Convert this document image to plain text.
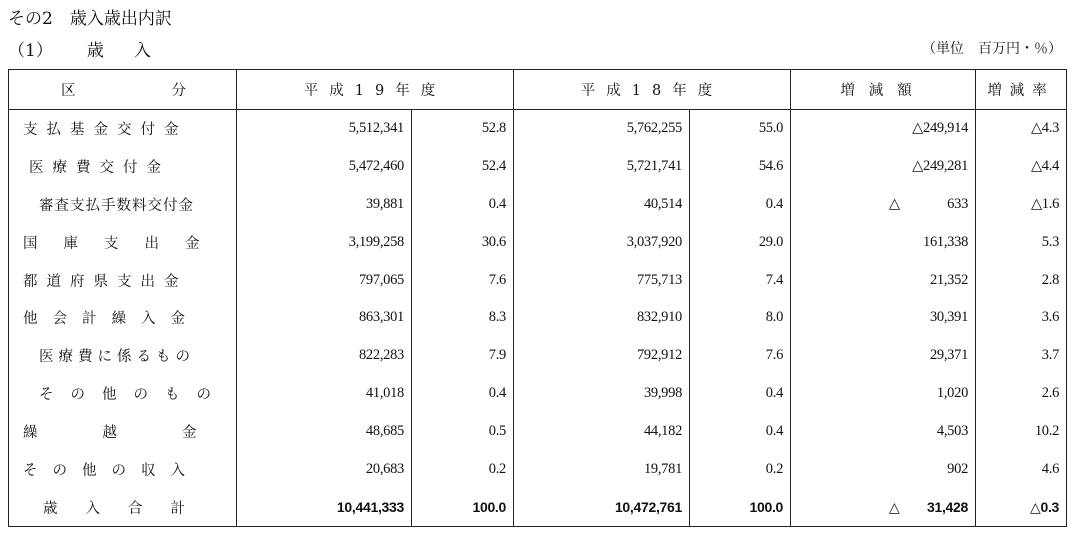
その2　歳入歳出内訳
（1） 歳入	（単位　百万円・％）
区 分	平成19年度		平成18年度		増減額	増減率
支払基金交付金	5,512,341	52.8	5,762,255	55.0	△249,914	△4.3
医療費交付金	5,472,460	52.4	5,721,741	54.6	△249,281	△4.4
審査支払手数料交付金	39,881	0.4	40,514	0.4	△ 633	△1.6
国庫支出金	3,199,258	30.6	3,037,920	29.0	161,338	5.3
都道府県支出金	797,065	7.6	775,713	7.4	21,352	2.8
他会計繰入金	863,301	8.3	832,910	8.0	30,391	3.6
医療費に係るもの	822,283	7.9	792,912	7.6	29,371	3.7
その他のもの	41,018	0.4	39,998	0.4	1,020	2.6
繰越金	48,685	0.5	44,182	0.4	4,503	10.2
その他の収入	20,683	0.2	19,781	0.2	902	4.6
歳入合計	10,441,333	100.0	10,472,761	100.0	△ 31,428	△0.3
